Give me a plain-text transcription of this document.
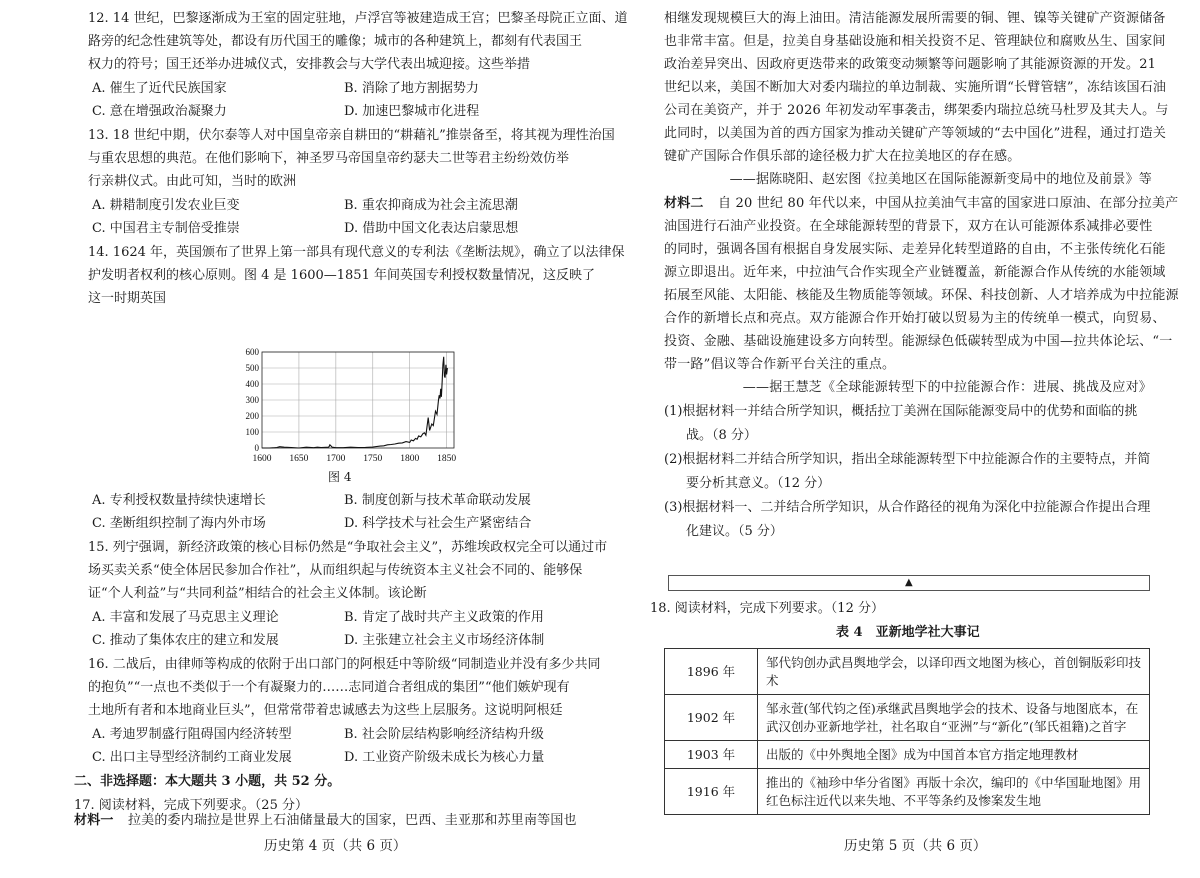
12. 14 世纪，巴黎逐渐成为王室的固定驻地，卢浮宫等被建造成王宫；巴黎圣母院正立面、道
路旁的纪念性建筑等处，都设有历代国王的雕像；城市的各种建筑上，都刻有代表国王
权力的符号；国王还举办进城仪式，安排教会与大学代表出城迎接。这些举措
A. 催生了近代民族国家	B. 消除了地方割据势力
C. 意在增强政治凝聚力	D. 加速巴黎城市化进程
13. 18 世纪中期，伏尔泰等人对中国皇帝亲自耕田的“耕藉礼”推崇备至，将其视为理性治国
与重农思想的典范。在他们影响下，神圣罗马帝国皇帝约瑟夫二世等君主纷纷效仿举
行亲耕仪式。由此可知，当时的欧洲
A. 耕耤制度引发农业巨变	B. 重农抑商成为社会主流思潮
C. 中国君主专制倍受推崇	D. 借助中国文化表达启蒙思想
14. 1624 年，英国颁布了世界上第一部具有现代意义的专利法《垄断法规》，确立了以法律保
护发明者权利的核心原则。图 4 是 1600—1851 年间英国专利授权数量情况，这反映了
这一时期英国
0
100
200
300
400
500
600
1600 1650 1700 1750 1800 1850
图 4
A. 专利授权数量持续快速增长	B. 制度创新与技术革命联动发展
C. 垄断组织控制了海内外市场	D. 科学技术与社会生产紧密结合
15. 列宁强调，新经济政策的核心目标仍然是“争取社会主义”，苏维埃政权完全可以通过市
场买卖关系“使全体居民参加合作社”，从而组织起与传统资本主义社会不同的、能够保
证“个人利益”与“共同利益”相结合的社会主义体制。该论断
A. 丰富和发展了马克思主义理论	B. 肯定了战时共产主义政策的作用
C. 推动了集体农庄的建立和发展	D. 主张建立社会主义市场经济体制
16. 二战后，由律师等构成的依附于出口部门的阿根廷中等阶级“同制造业并没有多少共同
的抱负”“一点也不类似于一个有凝聚力的……志同道合者组成的集团”“他们嫉妒现有
土地所有者和本地商业巨头”，但常常带着忠诚感去为这些上层服务。这说明阿根廷
A. 考迪罗制盛行阻碍国内经济转型	B. 社会阶层结构影响经济结构升级
C. 出口主导型经济制约工商业发展	D. 工业资产阶级未成长为核心力量
二、非选择题：本大题共 3 小题，共 52 分。
17. 阅读材料，完成下列要求。（25 分）
材料一 拉美的委内瑞拉是世界上石油储量最大的国家，巴西、圭亚那和苏里南等国也
历史第 4 页（共 6 页）
相继发现规模巨大的海上油田。清洁能源发展所需要的铜、锂、镍等关键矿产资源储备
也非常丰富。但是，拉美自身基础设施和相关投资不足、管理缺位和腐败丛生、国家间
政治差异突出、因政府更迭带来的政策变动频繁等问题影响了其能源资源的开发。21
世纪以来，美国不断加大对委内瑞拉的单边制裁、实施所谓“长臂管辖”，冻结该国石油
公司在美资产，并于 2026 年初发动军事袭击，绑架委内瑞拉总统马杜罗及其夫人。与
此同时，以美国为首的西方国家为推动关键矿产等领域的“去中国化”进程，通过打造关
键矿产国际合作俱乐部的途径极力扩大在拉美地区的存在感。
——据陈晓阳、赵宏图《拉美地区在国际能源新变局中的地位及前景》等
材料二 自 20 世纪 80 年代以来，中国从拉美油气丰富的国家进口原油、在部分拉美产
油国进行石油产业投资。在全球能源转型的背景下，双方在认可能源体系减排必要性
的同时，强调各国有根据自身发展实际、走差异化转型道路的自由，不主张传统化石能
源立即退出。近年来，中拉油气合作实现全产业链覆盖，新能源合作从传统的水能领域
拓展至风能、太阳能、核能及生物质能等领域。环保、科技创新、人才培养成为中拉能源
合作的新增长点和亮点。双方能源合作开始打破以贸易为主的传统单一模式，向贸易、
投资、金融、基础设施建设多方向转型。能源绿色低碳转型成为中国—拉共体论坛、“一
带一路”倡议等合作新平台关注的重点。
——据王慧芝《全球能源转型下的中拉能源合作：进展、挑战及应对》
(1)根据材料一并结合所学知识，概括拉丁美洲在国际能源变局中的优势和面临的挑
战。（8 分）
(2)根据材料二并结合所学知识，指出全球能源转型下中拉能源合作的主要特点，并简
要分析其意义。（12 分）
(3)根据材料一、二并结合所学知识，从合作路径的视角为深化中拉能源合作提出合理
化建议。（5 分）
▲
18. 阅读材料，完成下列要求。（12 分）
表 4　亚新地学社大事记
1896 年	邹代钧创办武昌舆地学会，以译印西文地图为核心，首创铜版彩印技术
1902 年	邹永萱(邹代钧之侄)承继武昌舆地学会的技术、设备与地图底本，在武汉创办亚新地学社，社名取自“亚洲”与“新化”(邹氏祖籍)之首字
1903 年	出版的《中外舆地全图》成为中国首本官方指定地理教材
1916 年	推出的《袖珍中华分省图》再版十余次，编印的《中华国耻地图》用红色标注近代以来失地、不平等条约及惨案发生地
历史第 5 页（共 6 页）
